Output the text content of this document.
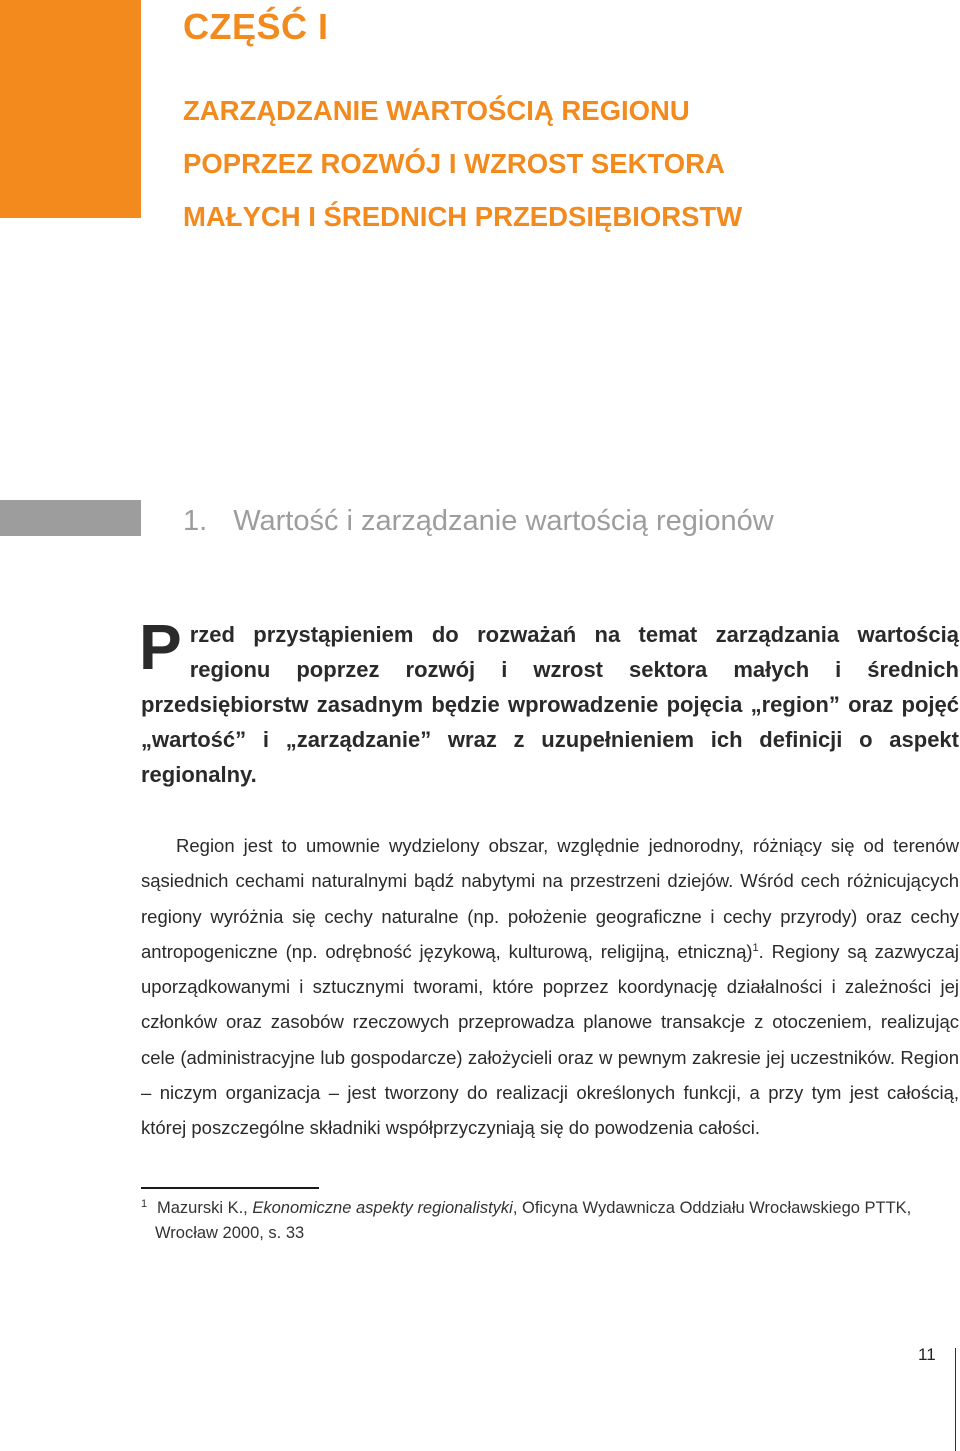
CZĘŚĆ I
ZARZĄDZANIE WARTOŚCIĄ REGIONU
POPRZEZ ROZWÓJ I WZROST SEKTORA
MAŁYCH I ŚREDNICH PRZEDSIĘBIORSTW
1. Wartość i zarządzanie wartością regionów

Przed przystąpieniem do rozważań na temat zarządzania wartością regionu poprzez rozwój i wzrost sektora małych i średnich przedsiębiorstw zasadnym będzie wprowadzenie pojęcia „region” oraz pojęć „wartość” i „zarządzanie” wraz z uzupełnieniem ich definicji o aspekt regionalny.

Region jest to umownie wydzielony obszar, względnie jednorodny, różniący się od terenów sąsiednich cechami naturalnymi bądź nabytymi na przestrzeni dziejów. Wśród cech różnicujących regiony wyróżnia się cechy naturalne (np. położenie geograficzne i cechy przyrody) oraz cechy antropogeniczne (np. odrębność językową, kulturową, religijną, etniczną)$^1$. Regiony są zazwyczaj uporządkowanymi i sztucznymi tworami, które poprzez koordynację działalności i zależności jej członków oraz zasobów rzeczowych przeprowadza planowe transakcje z otoczeniem, realizując cele (administracyjne lub gospodarcze) założycieli oraz w pewnym zakresie jej uczestników. Region – niczym organizacja – jest tworzony do realizacji określonych funkcji, a przy tym jest całością, której poszczególne składniki współprzyczyniają się do powodzenia całości.

1 Mazurski K., Ekonomiczne aspekty regionalistyki, Oficyna Wydawnicza Oddziału Wrocławskiego PTTK,
Wrocław 2000, s. 33

11
